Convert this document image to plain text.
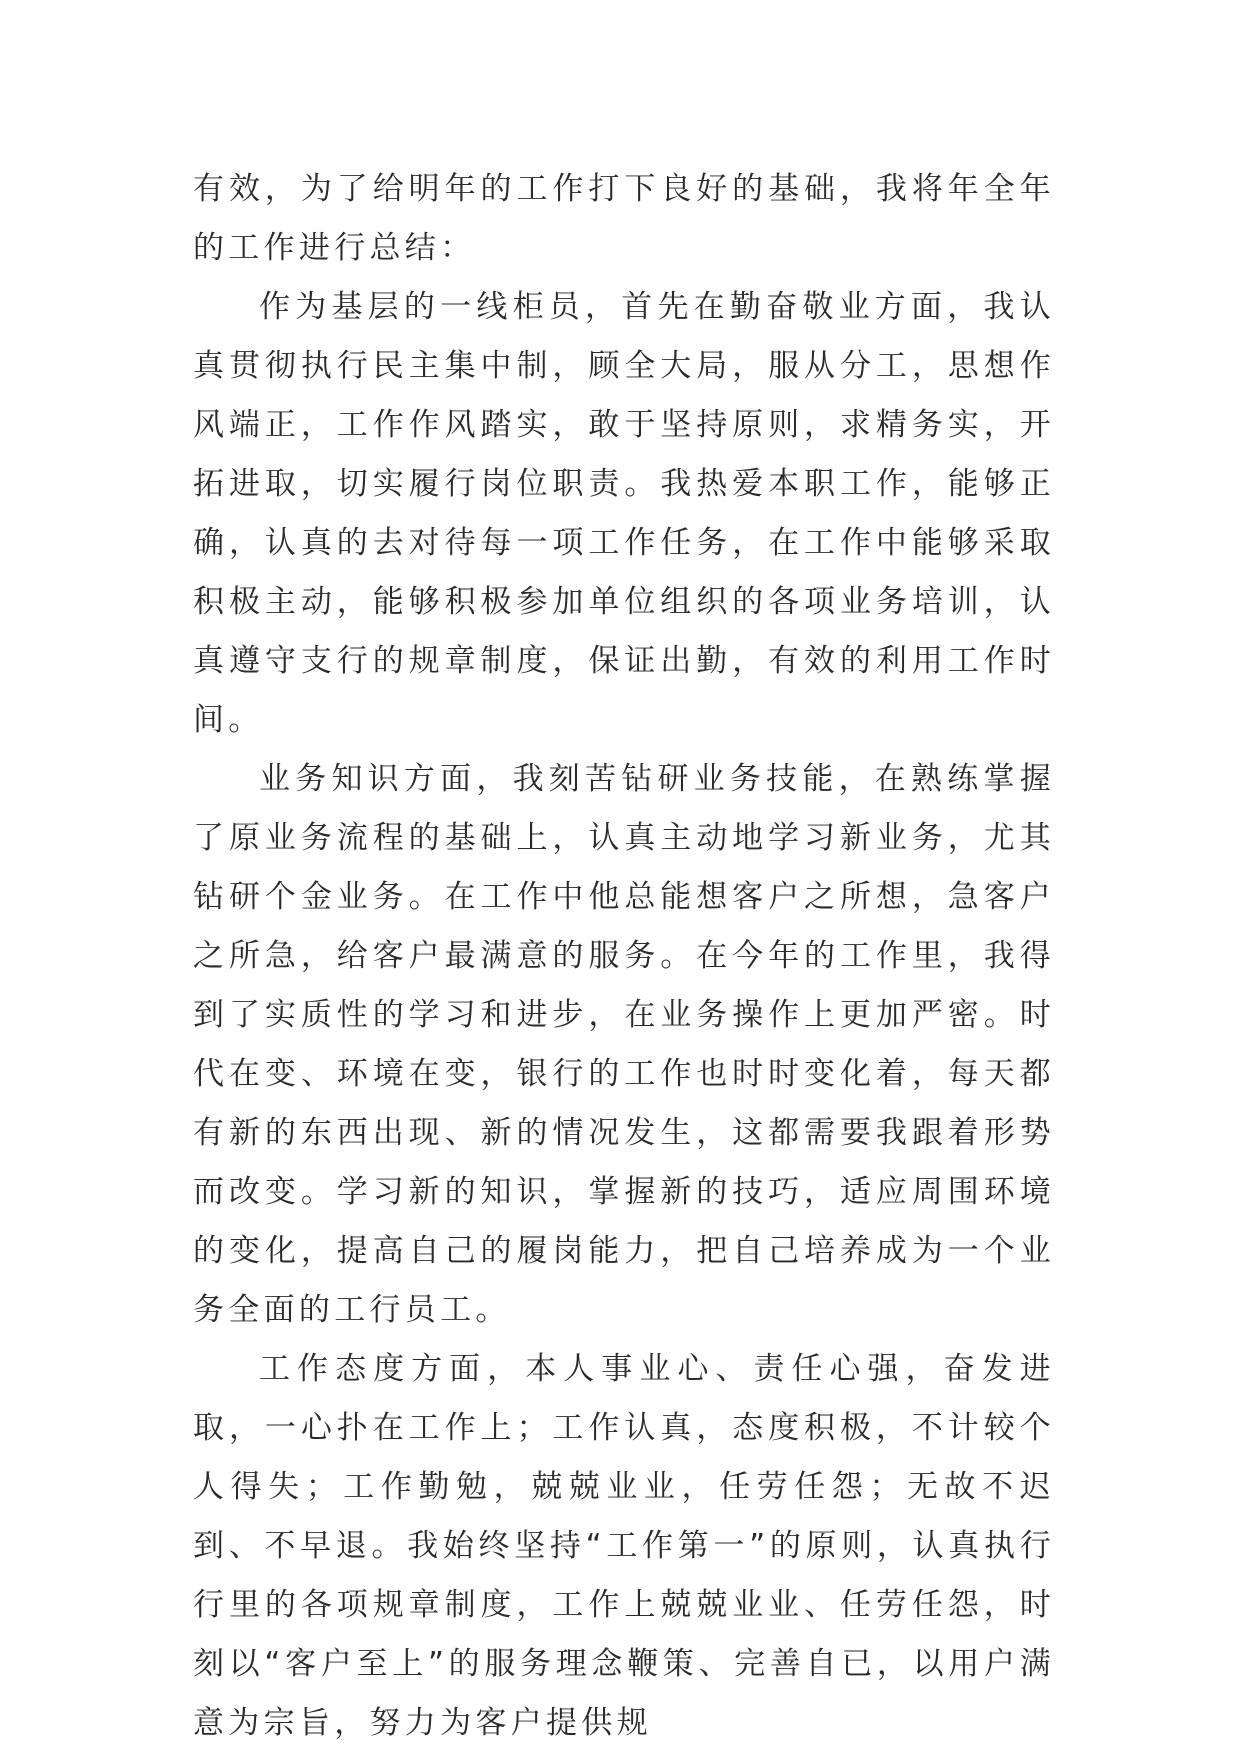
有效，为了给明年的工作打下良好的基础，我将年全年的工作进行总结：

作为基层的一线柜员，首先在勤奋敬业方面，我认真贯彻执行民主集中制，顾全大局，服从分工，思想作风端正，工作作风踏实，敢于坚持原则，求精务实，开拓进取，切实履行岗位职责。我热爱本职工作，能够正确，认真的去对待每一项工作任务，在工作中能够采取积极主动，能够积极参加单位组织的各项业务培训，认真遵守支行的规章制度，保证出勤，有效的利用工作时间。

业务知识方面，我刻苦钻研业务技能，在熟练掌握了原业务流程的基础上，认真主动地学习新业务，尤其钻研个金业务。在工作中他总能想客户之所想，急客户之所急，给客户最满意的服务。在今年的工作里，我得到了实质性的学习和进步，在业务操作上更加严密。时代在变、环境在变，银行的工作也时时变化着，每天都有新的东西出现、新的情况发生，这都需要我跟着形势而改变。学习新的知识，掌握新的技巧，适应周围环境的变化，提高自己的履岗能力，把自己培养成为一个业务全面的工行员工。

工作态度方面，本人事业心、责任心强，奋发进取，一心扑在工作上；工作认真，态度积极，不计较个人得失；工作勤勉，兢兢业业，任劳任怨；无故不迟到、不早退。我始终坚持“工作第一”的原则，认真执行行里的各项规章制度，工作上兢兢业业、任劳任怨，时刻以“客户至上”的服务理念鞭策、完善自已，以用户满意为宗旨，努力为客户提供规
